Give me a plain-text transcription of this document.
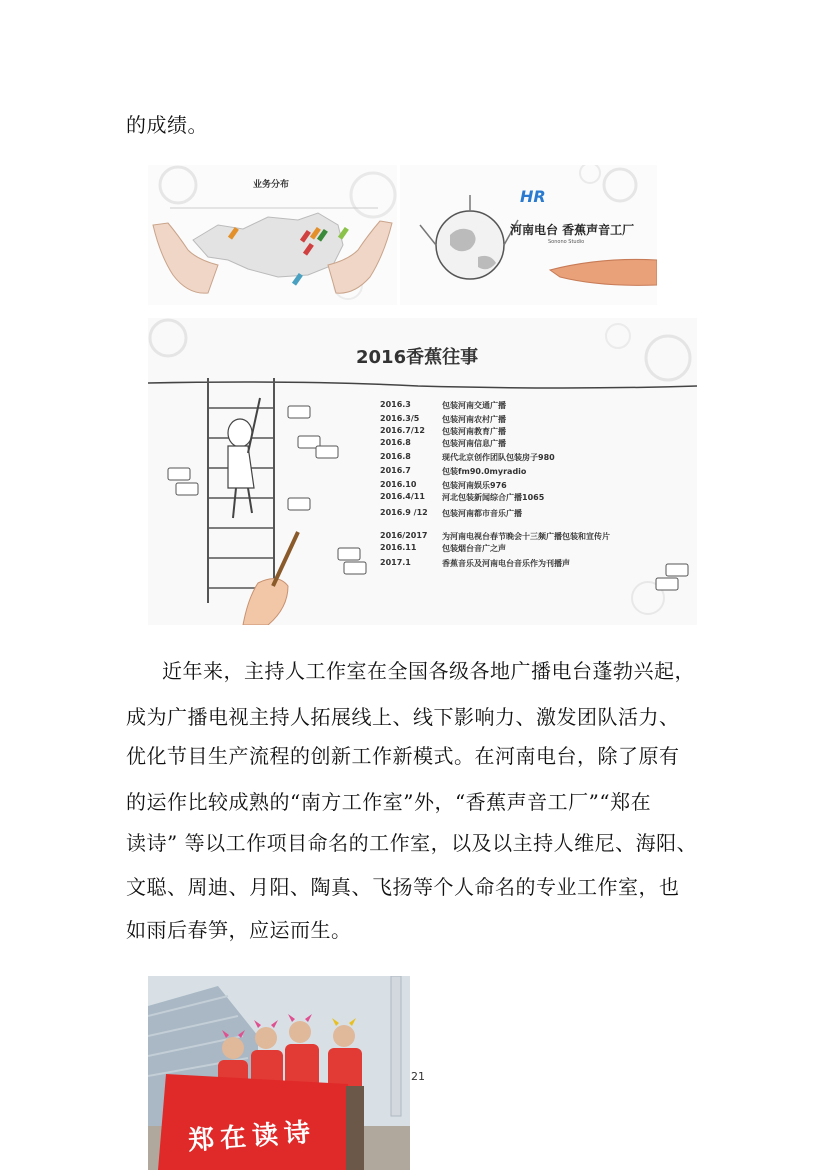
的成绩。
业务分布
HR
河南电台 香蕉声音工厂
Sonono Studio
2016香蕉往事
2016.3	包装河南交通广播
2016.3/5	包装河南农村广播
2016.7/12 包装河南教育广播
2016.8	包装河南信息广播
2016.8	现代北京创作团队包装房子980
2016.7	包装fm90.0myradio
2016.10	包装河南娱乐976
2016.4/11 河北包装新闻综合广播1065
2016.9 /12 包装河南都市音乐广播
2016/2017 为河南电视台春节晚会十三频广播包装和宣传片
2016.11	包装烟台音广之声
2017.1	香蕉音乐及河南电台音乐作为刊播声
近年来，主持人工作室在全国各级各地广播电台蓬勃兴起，
成为广播电视主持人拓展线上、线下影响力、激发团队活力、
优化节目生产流程的创新工作新模式。在河南电台，除了原有
的运作比较成熟的“南方工作室”外，“香蕉声音工厂”“郑在
读诗” 等以工作项目命名的工作室，以及以主持人维尼、海阳、
文聪、周迪、月阳、陶真、飞扬等个人命名的专业工作室，也
如雨后春笋，应运而生。
郑在读诗
21
